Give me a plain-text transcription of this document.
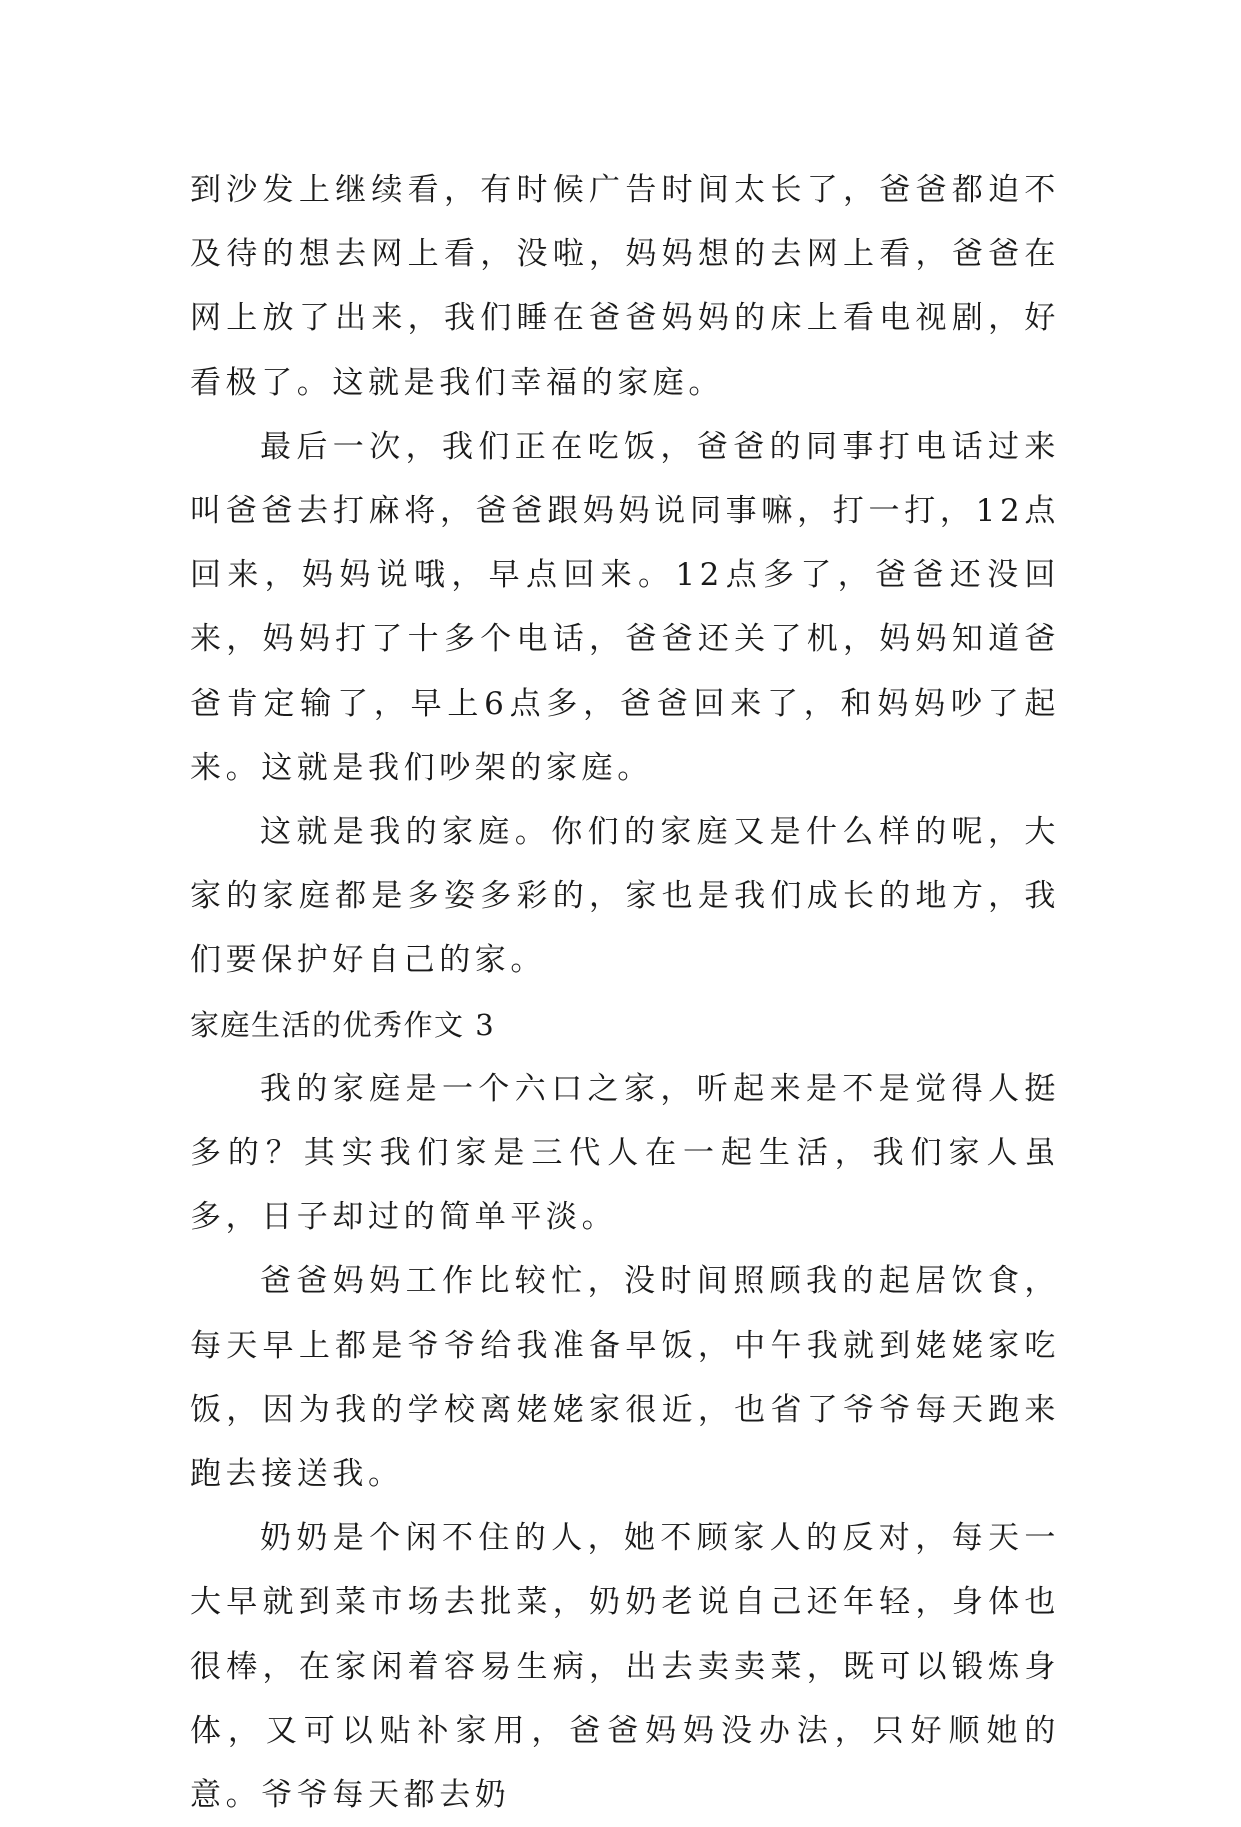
到沙发上继续看，有时候广告时间太长了，爸爸都迫不及待的想去网上看，没啦，妈妈想的去网上看，爸爸在网上放了出来，我们睡在爸爸妈妈的床上看电视剧，好看极了。这就是我们幸福的家庭。

最后一次，我们正在吃饭，爸爸的同事打电话过来叫爸爸去打麻将，爸爸跟妈妈说同事嘛，打一打，12点回来，妈妈说哦，早点回来。12点多了，爸爸还没回来，妈妈打了十多个电话，爸爸还关了机，妈妈知道爸爸肯定输了，早上6点多，爸爸回来了，和妈妈吵了起来。这就是我们吵架的家庭。

这就是我的家庭。你们的家庭又是什么样的呢，大家的家庭都是多姿多彩的，家也是我们成长的地方，我们要保护好自己的家。

家庭生活的优秀作文 3

我的家庭是一个六口之家，听起来是不是觉得人挺多的？其实我们家是三代人在一起生活，我们家人虽多，日子却过的简单平淡。

爸爸妈妈工作比较忙，没时间照顾我的起居饮食，每天早上都是爷爷给我准备早饭，中午我就到姥姥家吃饭，因为我的学校离姥姥家很近，也省了爷爷每天跑来跑去接送我。

奶奶是个闲不住的人，她不顾家人的反对，每天一大早就到菜市场去批菜，奶奶老说自己还年轻，身体也很棒，在家闲着容易生病，出去卖卖菜，既可以锻炼身体，又可以贴补家用，爸爸妈妈没办法，只好顺她的意。爷爷每天都去奶
